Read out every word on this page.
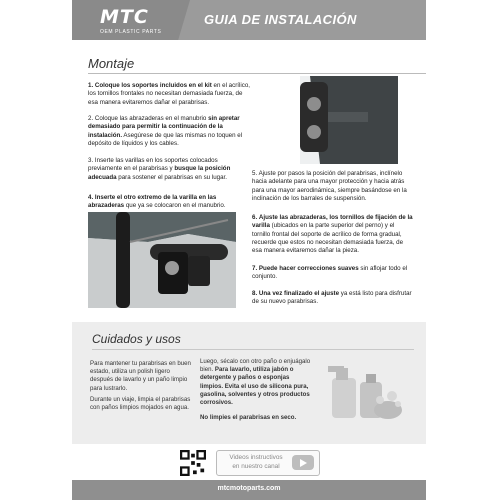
MTC
OEM PLASTIC PARTS
GUIA DE INSTALACIÓN
Montaje
1. Coloque los soportes incluidos en el kit en el acrílico, los tornillos frontales no necesitan demasiada fuerza, de esa manera evitaremos dañar el parabrisas.
2. Coloque las abrazaderas en el manubrio sin apretar demasiado para permitir la continuación de la instalación. Asegúrese de que las mismas no toquen el depósito de líquidos y los cables.
3. Inserte las varillas en los soportes colocados previamente en el parabrisas y busque la posición adecuada para sostener el parabrisas en su lugar.
4. Inserte el otro extremo de la varilla en las abrazaderas que ya se colocaron en el manubrio.
5. Ajuste por pasos la posición del parabrisas, inclínelo hacia adelante para una mayor protección y hacia atrás para una mayor aerodinámica, siempre basándose en la inclinación de los barrales de suspensión.
6. Ajuste las abrazaderas, los tornillos de fijación de la varilla (ubicados en la parte superior del perno) y el tornillo frontal del soporte de acrílico de forma gradual, recuerde que estos no necesitan demasiada fuerza, de esa manera evitaremos dañar la pieza.
7. Puede hacer correcciones suaves sin aflojar todo el conjunto.
8. Una vez finalizado el ajuste ya está listo para disfrutar de su nuevo parabrisas.
Cuidados y usos
Para mantener tu parabrisas en buen estado, utiliza un polish ligero después de lavarlo y un paño limpio para lustrarlo.
Durante un viaje, limpia el parabrisas con paños limpios mojados en agua.
Luego, sécalo con otro paño o enjuágalo bien. Para lavarlo, utiliza jabón o detergente y paños o esponjas limpios. Evita el uso de silicona pura, gasolina, solventes y otros productos corrosivos.
No limpies el parabrisas en seco.
Videos instructivos
en nuestro canal
mtcmotoparts.com
